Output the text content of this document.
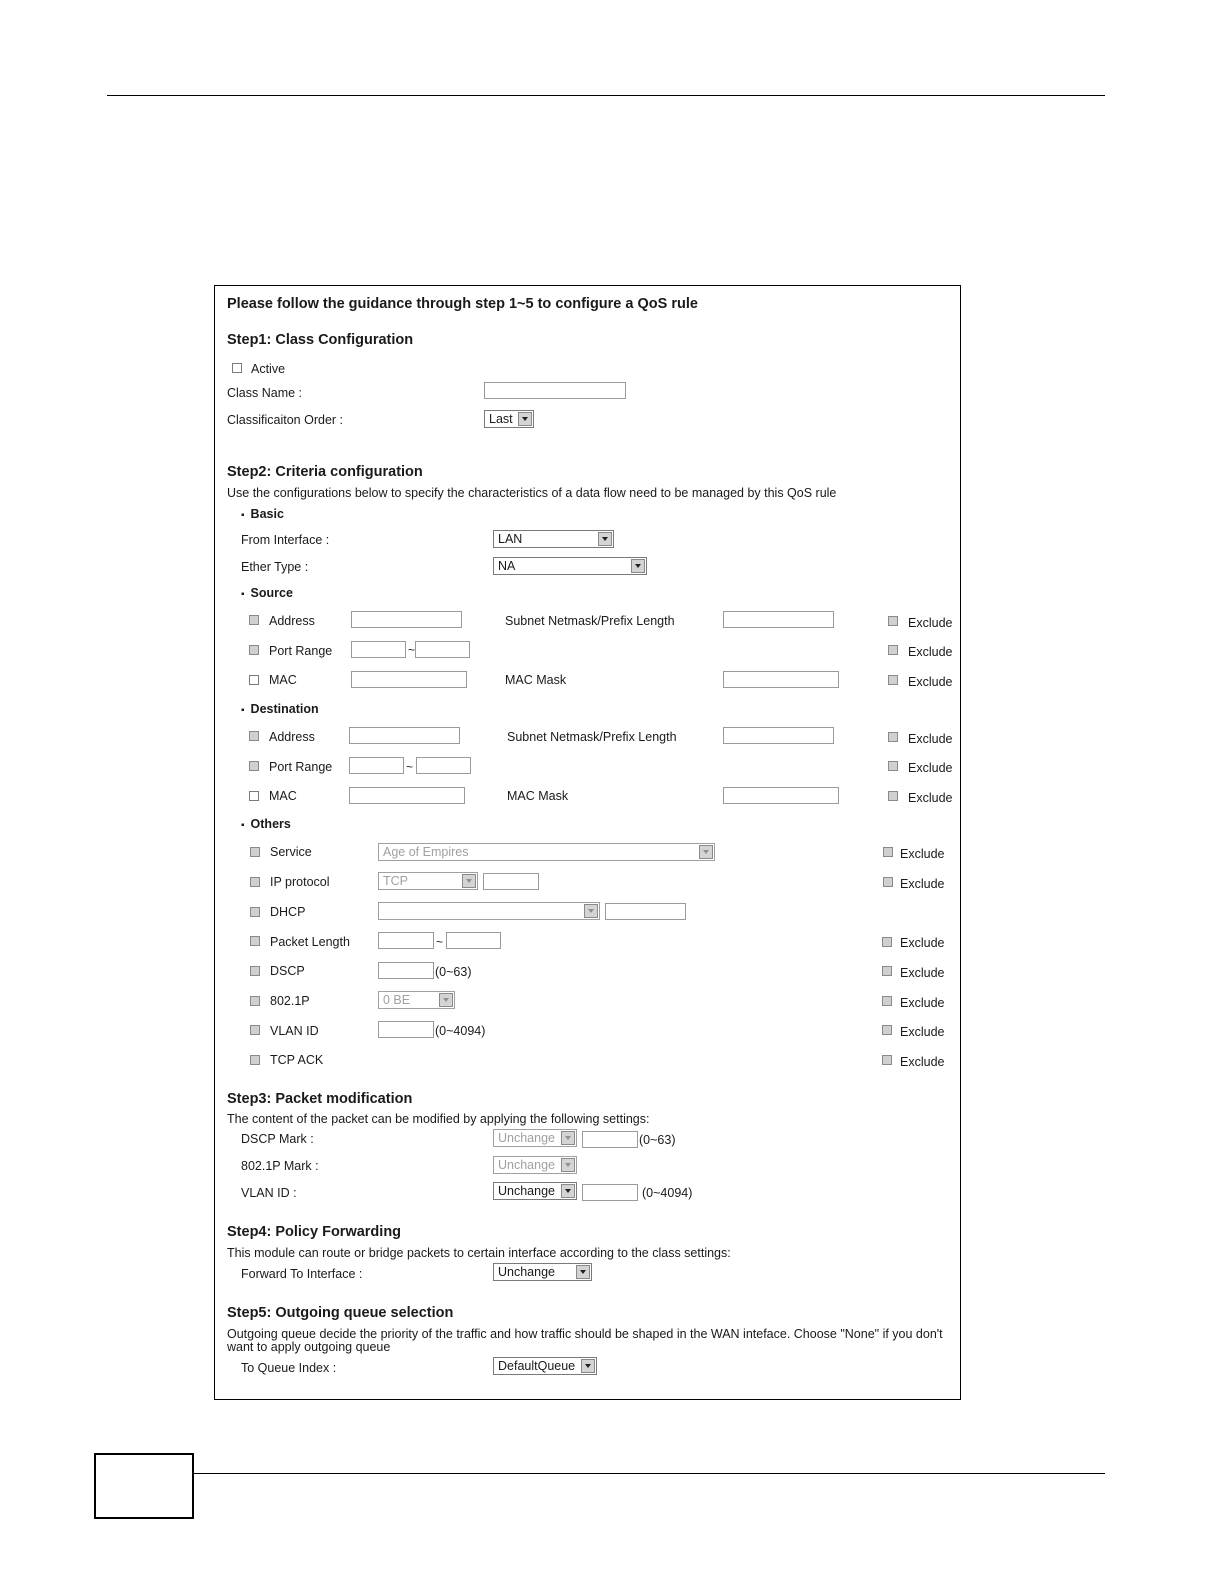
Please follow the guidance through step 1~5 to configure a QoS rule
Step1: Class Configuration
Active
Class Name :
Classificaiton Order :	Last
Step2: Criteria configuration
Use the configurations below to specify the characteristics of a data flow need to be managed by this QoS rule
▪ Basic
From Interface :	LAN
Ether Type :	NA
▪ Source
Address	Subnet Netmask/Prefix Length	Exclude
Port Range	~	Exclude
MAC	MAC Mask	Exclude
▪ Destination
Address	Subnet Netmask/Prefix Length	Exclude
Port Range	~	Exclude
MAC	MAC Mask	Exclude
▪ Others
Service	Age of Empires	Exclude
IP protocol	TCP	Exclude
DHCP
Packet Length	~	Exclude
DSCP	(0~63)	Exclude
802.1P	0 BE	Exclude
VLAN ID	(0~4094)	Exclude
TCP ACK	Exclude
Step3: Packet modification
The content of the packet can be modified by applying the following settings:
DSCP Mark :	Unchange	(0~63)
802.1P Mark :	Unchange
VLAN ID :	Unchange	(0~4094)
Step4: Policy Forwarding
This module can route or bridge packets to certain interface according to the class settings:
Forward To Interface :	Unchange
Step5: Outgoing queue selection
Outgoing queue decide the priority of the traffic and how traffic should be shaped in the WAN inteface. Choose "None" if you don't
want to apply outgoing queue
To Queue Index :	DefaultQueue
